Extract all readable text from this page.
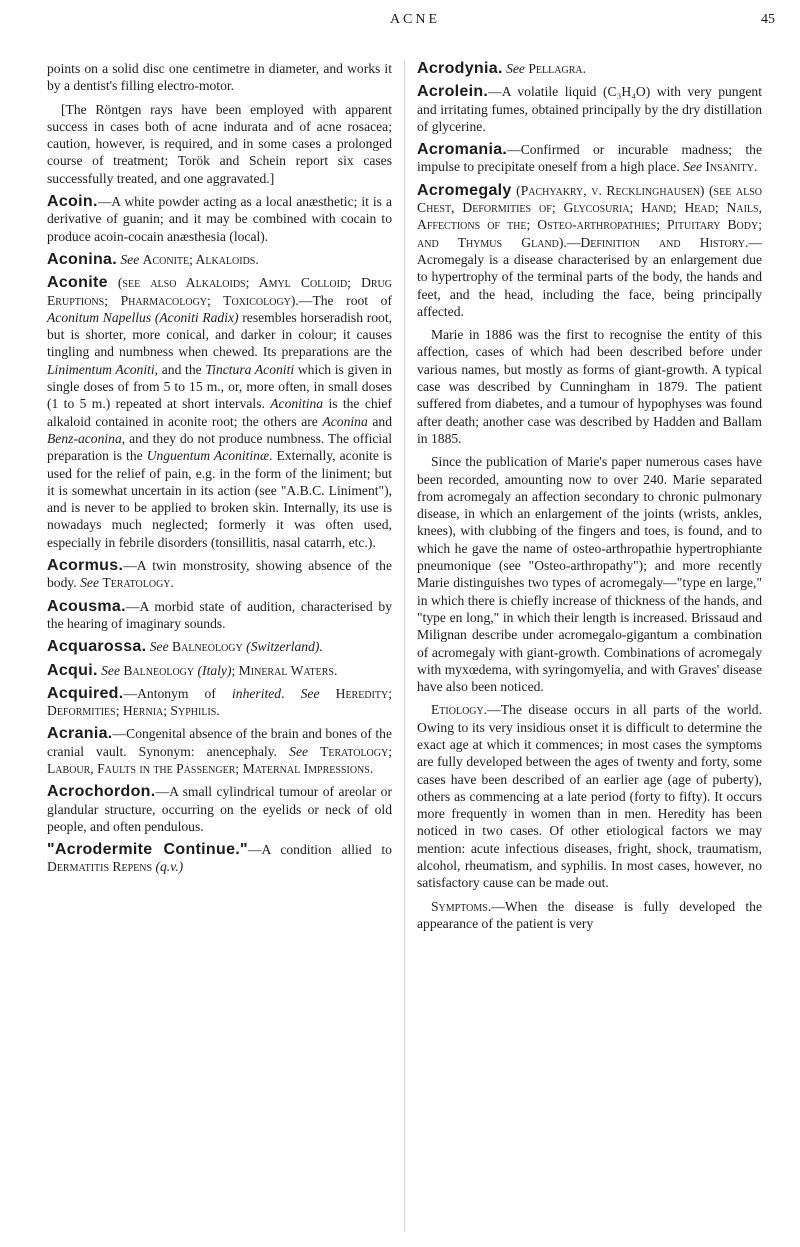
ACNE	45

points on a solid disc one centimetre in diameter, and works it by a dentist's filling electro-motor.

[The Röntgen rays have been employed with apparent success in cases both of acne indurata and of acne rosacea; caution, however, is required, and in some cases a prolonged course of treatment; Torök and Schein report six cases successfully treated, and one aggravated.]

Acoin.—A white powder acting as a local anæsthetic; it is a derivative of guanin; and it may be combined with cocain to produce acoin-cocain anæsthesia (local).

Aconina. See Aconite; Alkaloids.

Aconite (see also Alkaloids; Amyl Colloid; Drug Eruptions; Pharmacology; Toxicology).—The root of Aconitum Napellus (Aconiti Radix) resembles horseradish root, but is shorter, more conical, and darker in colour; it causes tingling and numbness when chewed. Its preparations are the Linimentum Aconiti, and the Tinctura Aconiti which is given in single doses of from 5 to 15 m., or, more often, in small doses (1 to 5 m.) repeated at short intervals. Aconitina is the chief alkaloid contained in aconite root; the others are Aconina and Benz-aconina, and they do not produce numbness. The official preparation is the Unguentum Aconitinæ. Externally, aconite is used for the relief of pain, e.g. in the form of the liniment; but it is somewhat uncertain in its action (see "A.B.C. Liniment"), and is never to be applied to broken skin. Internally, its use is nowadays much neglected; formerly it was often used, especially in febrile disorders (tonsillitis, nasal catarrh, etc.).

Acormus.—A twin monstrosity, showing absence of the body. See Teratology.

Acousma.—A morbid state of audition, characterised by the hearing of imaginary sounds.

Acquarossa. See Balneology (Switzerland).

Acqui. See Balneology (Italy); Mineral Waters.

Acquired.—Antonym of inherited. See Heredity; Deformities; Hernia; Syphilis.

Acrania.—Congenital absence of the brain and bones of the cranial vault. Synonym: anencephaly. See Teratology; Labour, Faults in the Passenger; Maternal Impressions.

Acrochordon.—A small cylindrical tumour of areolar or glandular structure, occurring on the eyelids or neck of old people, and often pendulous.

"Acrodermite Continue."—A condition allied to Dermatitis Repens (q.v.)

Acrodynia. See Pellagra.

Acrolein.—A volatile liquid (C₃H₄O) with very pungent and irritating fumes, obtained principally by the dry distillation of glycerine.

Acromania.—Confirmed or incurable madness; the impulse to precipitate oneself from a high place. See Insanity.

Acromegaly (Pachyakry, v. Recklinghausen) (see also Chest, Deformities of; Glycosuria; Hand; Head; Nails, Affections of the; Osteo-arthropathies; Pituitary Body; and Thymus Gland).—Definition and History.—Acromegaly is a disease characterised by an enlargement due to hypertrophy of the terminal parts of the body, the hands and feet, and the head, including the face, being principally affected.

Marie in 1886 was the first to recognise the entity of this affection, cases of which had been described before under various names, but mostly as forms of giant-growth. A typical case was described by Cunningham in 1879. The patient suffered from diabetes, and a tumour of hypophyses was found after death; another case was described by Hadden and Ballam in 1885.

Since the publication of Marie's paper numerous cases have been recorded, amounting now to over 240. Marie separated from acromegaly an affection secondary to chronic pulmonary disease, in which an enlargement of the joints (wrists, ankles, knees), with clubbing of the fingers and toes, is found, and to which he gave the name of osteo-arthropathie hypertrophiante pneumonique (see "Osteo-arthropathy"); and more recently Marie distinguishes two types of acromegaly—"type en large," in which there is chiefly increase of thickness of the hands, and "type en long," in which their length is increased. Brissaud and Milignan describe under acromegalo-gigantum a combination of acromegaly with giant-growth. Combinations of acromegaly with myxœdema, with syringomyelia, and with Graves' disease have also been noticed.

Etiology.—The disease occurs in all parts of the world. Owing to its very insidious onset it is difficult to determine the exact age at which it commences; in most cases the symptoms are fully developed between the ages of twenty and forty, some cases have been described of an earlier age (age of puberty), others as commencing at a late period (forty to fifty). It occurs more frequently in women than in men. Heredity has been noticed in two cases. Of other etiological factors we may mention: acute infectious diseases, fright, shock, traumatism, alcohol, rheumatism, and syphilis. In most cases, however, no satisfactory cause can be made out.

Symptoms.—When the disease is fully developed the appearance of the patient is very
